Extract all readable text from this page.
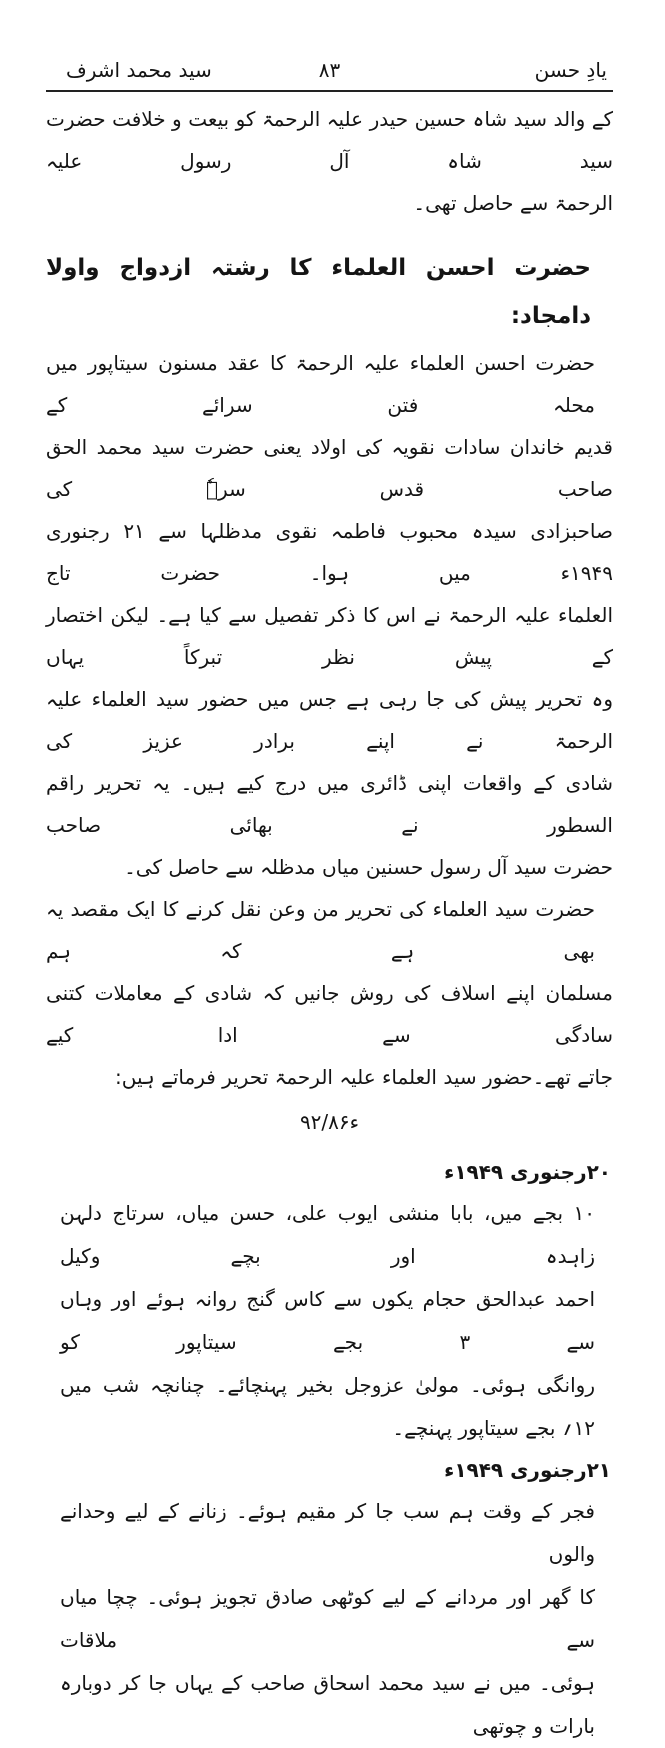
سید محمد اشرف	۸۳	یادِ حسن

کے والد سید شاہ حسین حیدر علیہ الرحمۃ کو بیعت و خلافت حضرت سید شاہ آل رسول علیہ
الرحمۃ سے حاصل تھی۔

حضرت احسن العلماء کا رشتہ ازدواج واولا دامجاد:

حضرت احسن العلماء علیہ الرحمۃ کا عقد مسنون سیتاپور میں محلہ فتن سرائے کے
قدیم خاندان سادات نقویہ کی اولاد یعنی حضرت سید محمد الحق صاحب قدس سرہٗ کی
صاحبزادی سیدہ محبوب فاطمہ نقوی مدظلہا سے ۲۱ رجنوری ۱۹۴۹ء میں ہوا۔ حضرت تاج
العلماء علیہ الرحمۃ نے اس کا ذکر تفصیل سے کیا ہے۔ لیکن اختصار کے پیش نظر تبرکاً یہاں
وہ تحریر پیش کی جا رہی ہے جس میں حضور سید العلماء علیہ الرحمۃ نے اپنے برادر عزیز کی
شادی کے واقعات اپنی ڈائری میں درج کیے ہیں۔ یہ تحریر راقم السطور نے بھائی صاحب
حضرت سید آل رسول حسنین میاں مدظلہ سے حاصل کی۔

حضرت سید العلماء کی تحریر من وعن نقل کرنے کا ایک مقصد یہ بھی ہے کہ ہم
مسلمان اپنے اسلاف کی روش جانیں کہ شادی کے معاملات کتنی سادگی سے ادا کیے
جاتے تھے۔حضور سید العلماء علیہ الرحمۃ تحریر فرماتے ہیں:

۹۲/۸۶ء

۲۰رجنوری ۱۹۴۹ء

۱۰ بجے میں، بابا منشی ایوب علی، حسن میاں، سرتاج دلہن زاہدہ اور بچے وکیل
احمد عبدالحق حجام یکوں سے کاس گنج روانہ ہوئے اور وہاں سے ۳ بجے سیتاپور کو
روانگی ہوئی۔ مولیٰ عزوجل بخیر پہنچائے۔ چنانچہ شب میں ۱۲؍ بجے سیتاپور پہنچے۔

۲۱رجنوری ۱۹۴۹ء

فجر کے وقت ہم سب جا کر مقیم ہوئے۔ زنانے کے لیے وحدانے والوں
کا گھر اور مردانے کے لیے کوٹھی صادق تجویز ہوئی۔ چچا میاں سے ملاقات
ہوئی۔ میں نے سید محمد اسحاق صاحب کے یہاں جا کر دوبارہ بارات و چوتھی
